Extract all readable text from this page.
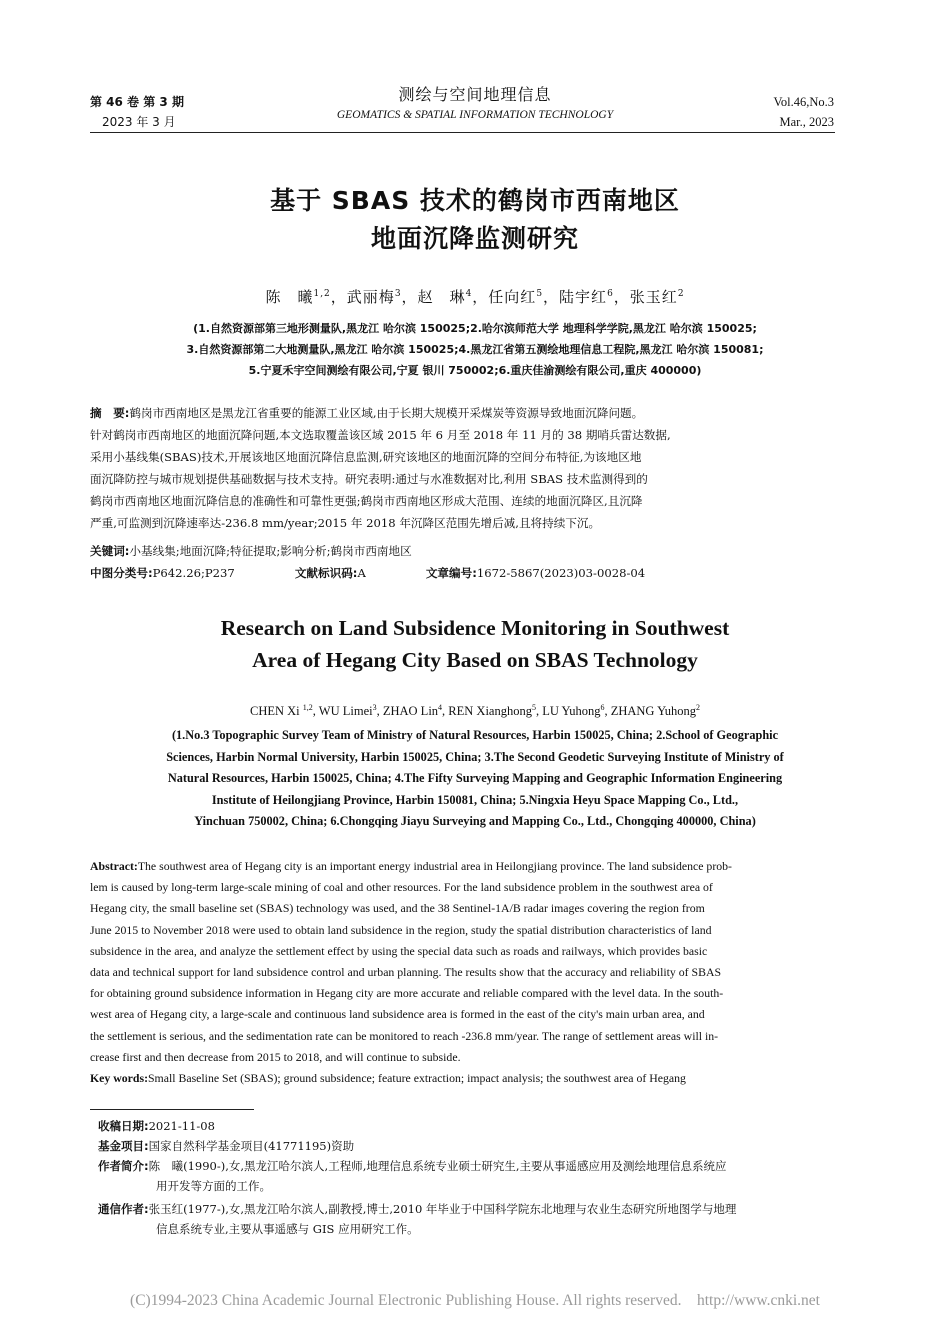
第 46 卷 第 3 期
2023 年 3 月
测绘与空间地理信息
GEOMATICS & SPATIAL INFORMATION TECHNOLOGY
Vol.46,No.3
Mar., 2023
基于 SBAS 技术的鹤岗市西南地区
地面沉降监测研究
陈　曦$^{1,2}$，武丽梅$^3$，赵　琳$^4$，任向红$^5$，陆宇红$^6$，张玉红$^2$
(1.自然资源部第三地形测量队,黑龙江 哈尔滨 150025;2.哈尔滨师范大学 地理科学学院,黑龙江 哈尔滨 150025;
3.自然资源部第二大地测量队,黑龙江 哈尔滨 150025;4.黑龙江省第五测绘地理信息工程院,黑龙江 哈尔滨 150081;
5.宁夏禾宇空间测绘有限公司,宁夏 银川 750002;6.重庆佳渝测绘有限公司,重庆 400000)
摘　要:鹤岗市西南地区是黑龙江省重要的能源工业区域,由于长期大规模开采煤炭等资源导致地面沉降问题。
针对鹤岗市西南地区的地面沉降问题,本文选取覆盖该区域 2015 年 6 月至 2018 年 11 月的 38 期哨兵雷达数据,
采用小基线集(SBAS)技术,开展该地区地面沉降信息监测,研究该地区的地面沉降的空间分布特征,为该地区地
面沉降防控与城市规划提供基础数据与技术支持。研究表明:通过与水准数据对比,利用 SBAS 技术监测得到的
鹤岗市西南地区地面沉降信息的准确性和可靠性更强;鹤岗市西南地区形成大范围、连续的地面沉降区,且沉降
严重,可监测到沉降速率达-236.8 mm/year;2015 年 2018 年沉降区范围先增后减,且将持续下沉。
关键词:小基线集;地面沉降;特征提取;影响分析;鹤岗市西南地区
中图分类号:P642.26;P237	文献标识码:A	文章编号:1672-5867(2023)03-0028-04
Research on Land Subsidence Monitoring in Southwest
Area of Hegang City Based on SBAS Technology
CHEN Xi $^{1,2}$, WU Limei$^3$, ZHAO Lin$^4$, REN Xianghong$^5$, LU Yuhong$^6$, ZHANG Yuhong$^2$
(1.No.3 Topographic Survey Team of Ministry of Natural Resources, Harbin 150025, China; 2.School of Geographic
Sciences, Harbin Normal University, Harbin 150025, China; 3.The Second Geodetic Surveying Institute of Ministry of
Natural Resources, Harbin 150025, China; 4.The Fifty Surveying Mapping and Geographic Information Engineering
Institute of Heilongjiang Province, Harbin 150081, China; 5.Ningxia Heyu Space Mapping Co., Ltd.,
Yinchuan 750002, China; 6.Chongqing Jiayu Surveying and Mapping Co., Ltd., Chongqing 400000, China)
Abstract:The southwest area of Hegang city is an important energy industrial area in Heilongjiang province. The land subsidence prob-
lem is caused by long-term large-scale mining of coal and other resources. For the land subsidence problem in the southwest area of
Hegang city, the small baseline set (SBAS) technology was used, and the 38 Sentinel-1A/B radar images covering the region from
June 2015 to November 2018 were used to obtain land subsidence in the region, study the spatial distribution characteristics of land
subsidence in the area, and analyze the settlement effect by using the special data such as roads and railways, which provides basic
data and technical support for land subsidence control and urban planning. The results show that the accuracy and reliability of SBAS
for obtaining ground subsidence information in Hegang city are more accurate and reliable compared with the level data. In the south-
west area of Hegang city, a large-scale and continuous land subsidence area is formed in the east of the city's main urban area, and
the settlement is serious, and the sedimentation rate can be monitored to reach -236.8 mm/year. The range of settlement areas will in-
crease first and then decrease from 2015 to 2018, and will continue to subside.
Key words:Small Baseline Set (SBAS); ground subsidence; feature extraction; impact analysis; the southwest area of Hegang
收稿日期:2021-11-08
基金项目:国家自然科学基金项目(41771195)资助
作者简介:陈　曦(1990-),女,黑龙江哈尔滨人,工程师,地理信息系统专业硕士研究生,主要从事遥感应用及测绘地理信息系统应
用开发等方面的工作。
通信作者:张玉红(1977-),女,黑龙江哈尔滨人,副教授,博士,2010 年毕业于中国科学院东北地理与农业生态研究所地图学与地理
信息系统专业,主要从事遥感与 GIS 应用研究工作。
(C)1994-2023 China Academic Journal Electronic Publishing House. All rights reserved.　http://www.cnki.net
